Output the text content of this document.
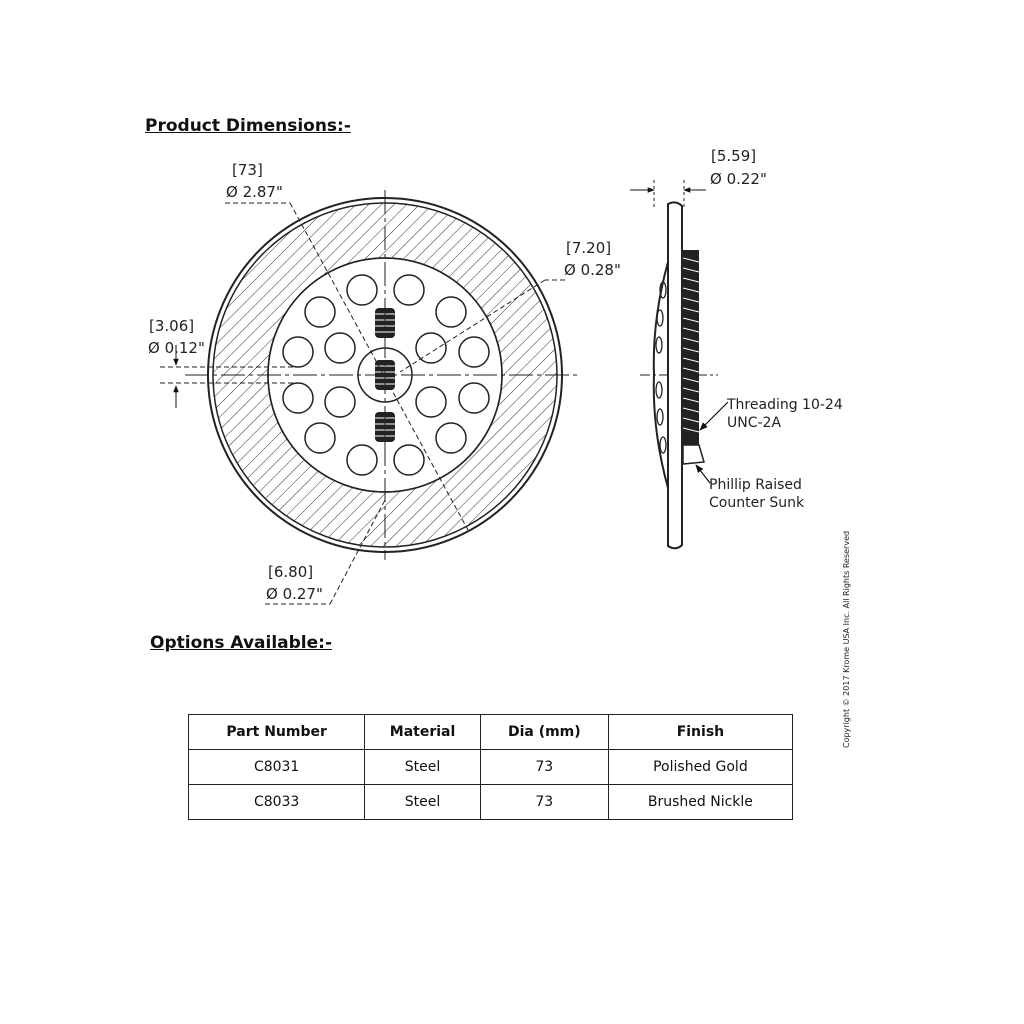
Product Dimensions:-
Options Available:-
[73]
Ø 2.87"
[7.20]
Ø 0.28"
[3.06]
Ø 0.12"
[6.80]
Ø 0.27"
[5.59]
Ø 0.22"
Threading 10-24
UNC-2A
Phillip Raised
Counter Sunk
Copyright © 2017 Krome USA Inc. All Rights Reserved
Part Number	Material	Dia (mm)	Finish
C8031	Steel	73	Polished Gold
C8033	Steel	73	Brushed Nickle
